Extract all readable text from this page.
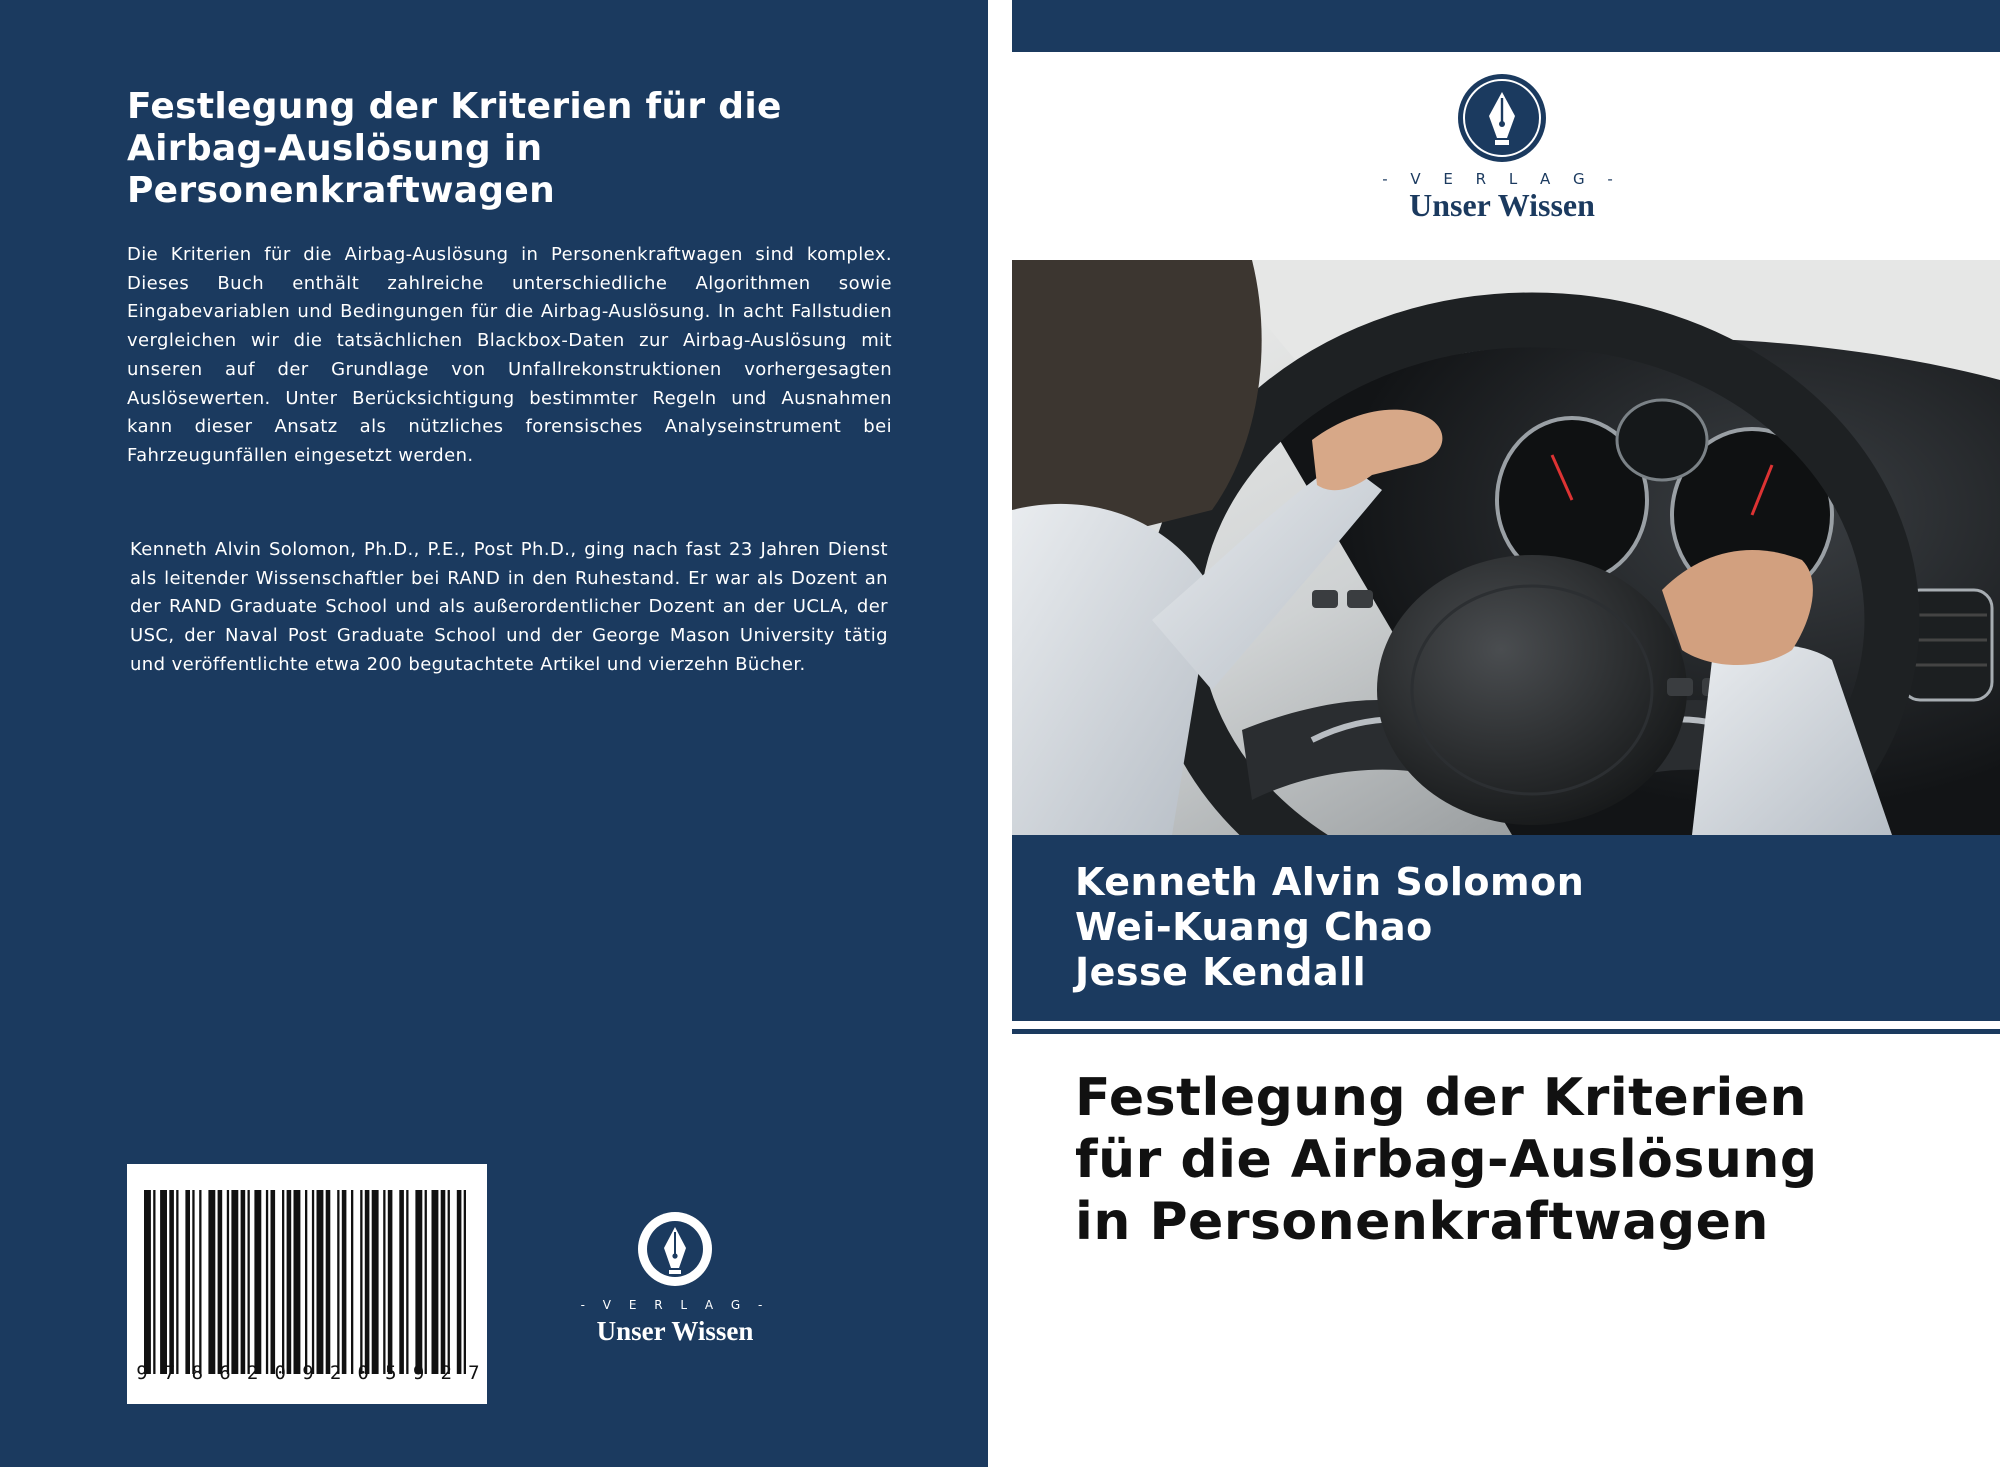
Festlegung der Kriterien für die Airbag-Auslösung in Personenkraftwagen

Die Kriterien für die Airbag-Auslösung in Personenkraftwagen sind komplex. Dieses Buch enthält zahlreiche unterschiedliche Algorithmen sowie Eingabevariablen und Bedingungen für die Airbag-Auslösung. In acht Fallstudien vergleichen wir die tatsächlichen Blackbox-Daten zur Airbag-Auslösung mit unseren auf der Grundlage von Unfallrekonstruktionen vorhergesagten Auslösewerten. Unter Berücksichtigung bestimmter Regeln und Ausnahmen kann dieser Ansatz als nützliches forensisches Analyseinstrument bei Fahrzeugunfällen eingesetzt werden.

Kenneth Alvin Solomon, Ph.D., P.E., Post Ph.D., ging nach fast 23 Jahren Dienst als leitender Wissenschaftler bei RAND in den Ruhestand. Er war als Dozent an der RAND Graduate School und als außerordentlicher Dozent an der UCLA, der USC, der Naval Post Graduate School und der George Mason University tätig und veröffentlichte etwa 200 begutachtete Artikel und vierzehn Bücher.

9 7 8 6 2 0 9 2 0 5 9 2 7
- V E R L A G -
Unser Wissen
- V E R L A G -
Unser Wissen

Kenneth Alvin Solomon

Wei-Kuang Chao

Jesse Kendall

Festlegung der Kriterien
für die Airbag-Auslösung
in Personenkraftwagen
